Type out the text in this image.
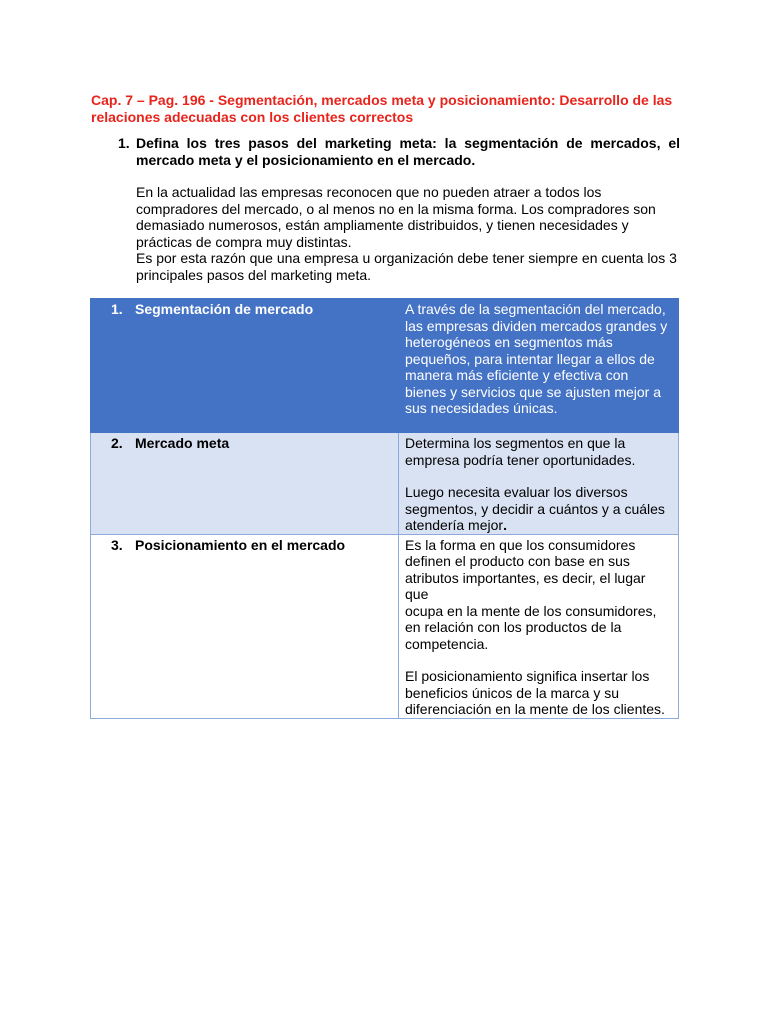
Cap. 7 – Pag. 196 - Segmentación, mercados meta y posicionamiento: Desarrollo de las relaciones adecuadas con los clientes correctos
1. Defina los tres pasos del marketing meta: la segmentación de mercados, el mercado meta y el posicionamiento en el mercado.

En la actualidad las empresas reconocen que no pueden atraer a todos los compradores del mercado, o al menos no en la misma forma. Los compradores son demasiado numerosos, están ampliamente distribuidos, y tienen necesidades y prácticas de compra muy distintas.

Es por esta razón que una empresa u organización debe tener siempre en cuenta los 3 principales pasos del marketing meta.

1. Segmentación de mercado	A través de la segmentación del mercado, las empresas dividen mercados grandes y heterogéneos en segmentos más pequeños, para intentar llegar a ellos de manera más eficiente y efectiva con bienes y servicios que se ajusten mejor a sus necesidades únicas.

2. Mercado meta	Determina los segmentos en que la empresa podría tener oportunidades.

Luego necesita evaluar los diversos segmentos, y decidir a cuántos y a cuáles atendería mejor.

3. Posicionamiento en el mercado	Es la forma en que los consumidores definen el producto con base en sus atributos importantes, es decir, el lugar que

ocupa en la mente de los consumidores, en relación con los productos de la competencia.

El posicionamiento significa insertar los beneficios únicos de la marca y su diferenciación en la mente de los clientes.
